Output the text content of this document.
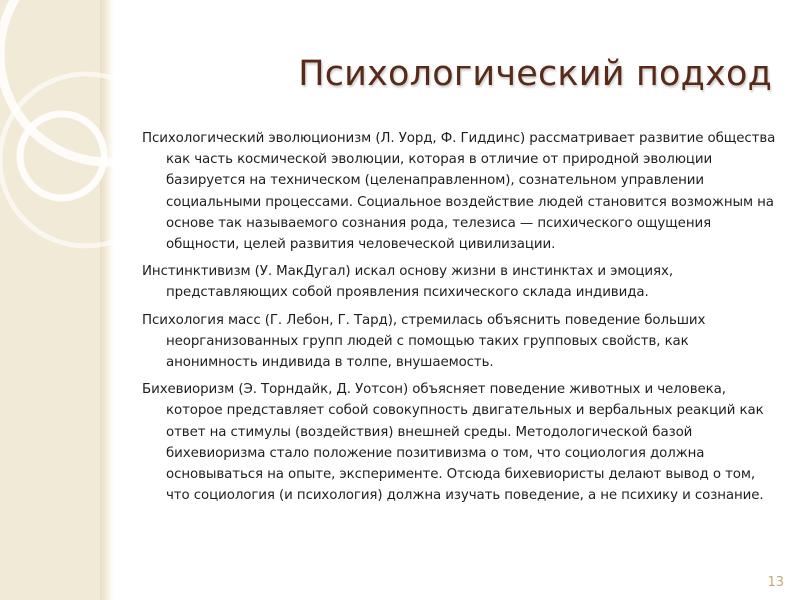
Психологический подход

Психологический эволюционизм (Л. Уорд, Ф. Гиддинс) рассматривает развитие общества как часть космической эволюции, которая в отличие от природной эволюции базируется на техническом (целенаправленном), сознательном управлении социальными процессами. Социальное воздействие людей становится возможным на основе так называемого сознания рода, телезиса — психического ощущения общности, целей развития человеческой цивилизации.

Инстинктивизм (У. МакДугал) искал основу жизни в инстинктах и эмоциях, представляющих собой проявления психического склада индивида.

Психология масс (Г. Лебон, Г. Тард), стремилась объяснить поведение больших неорганизованных групп людей с помощью таких групповых свойств, как анонимность индивида в толпе, внушаемость.

Бихевиоризм (Э. Торндайк, Д. Уотсон) объясняет поведение животных и человека, которое представляет собой совокупность двигательных и вербальных реакций как ответ на стимулы (воздействия) внешней среды. Методологической базой бихевиоризма стало положение позитивизма о том, что социология должна основываться на опыте, эксперименте. Отсюда бихевиористы делают вывод о том, что социология (и психология) должна изучать поведение, а не психику и сознание.

13
